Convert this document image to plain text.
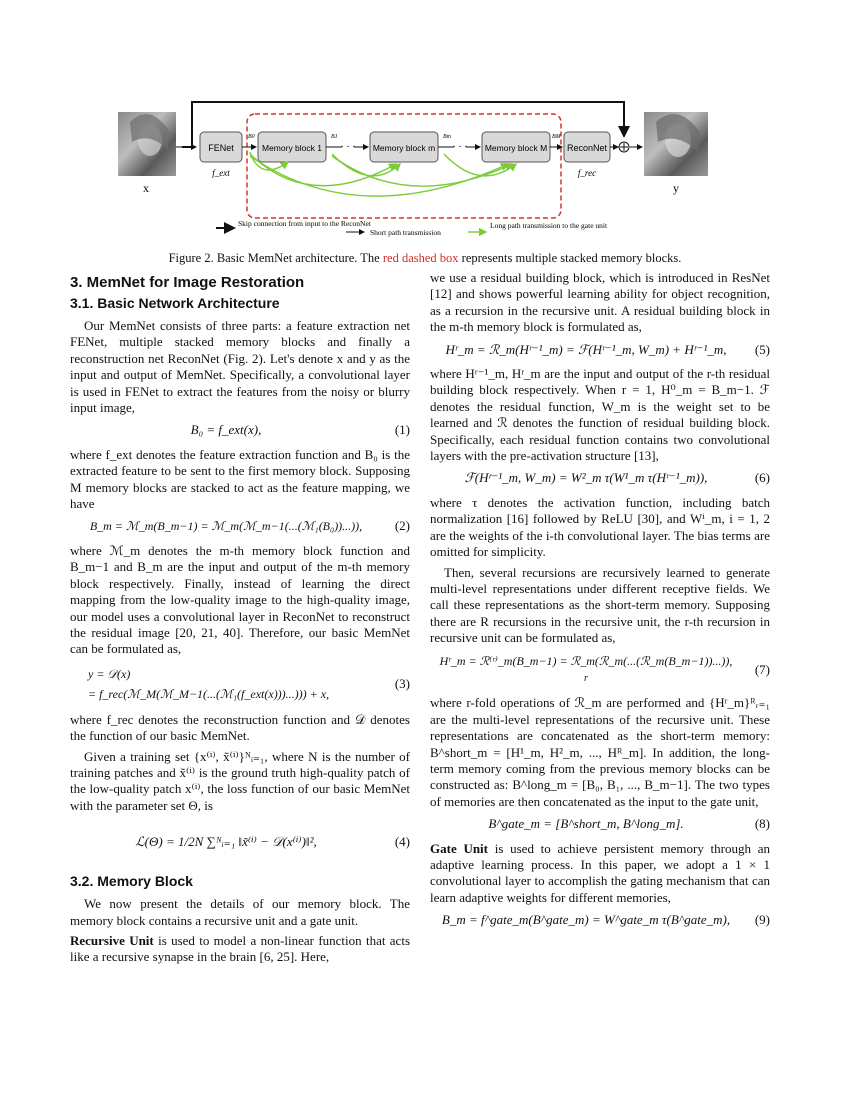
x	y
FENet
f_ext
Memory block 1	Memory block m	Memory block M ReconNet
f_rec
· · ·	· · ·
B0	B1	Bm	BM
Skip connection from input to the ReconNet
Short path transmission
Long path transmission to the gate unit
Figure 2. Basic MemNet architecture. The red dashed box represents multiple stacked memory blocks.
3. MemNet for Image Restoration
3.1. Basic Network Architecture

Our MemNet consists of three parts: a feature extraction net FENet, multiple stacked memory blocks and finally a reconstruction net ReconNet (Fig. 2). Let's denote x and y as the input and output of MemNet. Specifically, a convolutional layer is used in FENet to extract the features from the noisy or blurry input image,

B₀ = f_ext(x),	(1)

where f_ext denotes the feature extraction function and B₀ is the extracted feature to be sent to the first memory block. Supposing M memory blocks are stacked to act as the feature mapping, we have

B_m = ℳ_m(B_m−1) = ℳ_m(ℳ_m−1(...(ℳ₁(B₀))...)),	(2)

where ℳ_m denotes the m-th memory block function and B_m−1 and B_m are the input and output of the m-th memory block respectively. Finally, instead of learning the direct mapping from the low-quality image to the high-quality image, our model uses a convolutional layer in ReconNet to reconstruct the residual image [20, 21, 40]. Therefore, our basic MemNet can be formulated as,

y = 𝒟(x)
= f_rec(ℳ_M(ℳ_M−1(...(ℳ₁(f_ext(x)))...))) + x,
(3)

where f_rec denotes the reconstruction function and 𝒟 denotes the function of our basic MemNet.

Given a training set {x⁽ⁱ⁾, x̃⁽ⁱ⁾}ᴺᵢ₌₁, where N is the number of training patches and x̃⁽ⁱ⁾ is the ground truth high-quality patch of the low-quality patch x⁽ⁱ⁾, the loss function of our basic MemNet with the parameter set Θ, is

ℒ(Θ) = 1/2N ∑ᴺᵢ₌₁ ‖x̃⁽ⁱ⁾ − 𝒟(x⁽ⁱ⁾)‖²,	(4)
3.2. Memory Block

We now present the details of our memory block. The memory block contains a recursive unit and a gate unit.

Recursive Unit is used to model a non-linear function that acts like a recursive synapse in the brain [6, 25]. Here,

we use a residual building block, which is introduced in ResNet [12] and shows powerful learning ability for object recognition, as a recursion in the recursive unit. A residual building block in the m-th memory block is formulated as,

Hʳ_m = ℛ_m(Hʳ⁻¹_m) = ℱ(Hʳ⁻¹_m, W_m) + Hʳ⁻¹_m,	(5)

where Hʳ⁻¹_m, Hʳ_m are the input and output of the r-th residual building block respectively. When r = 1, H⁰_m = B_m−1. ℱ denotes the residual function, W_m is the weight set to be learned and ℛ denotes the function of residual building block. Specifically, each residual function contains two convolutional layers with the pre-activation structure [13],

ℱ(Hʳ⁻¹_m, W_m) = W²_m τ(W¹_m τ(Hʳ⁻¹_m)),	(6)

where τ denotes the activation function, including batch normalization [16] followed by ReLU [30], and Wⁱ_m, i = 1, 2 are the weights of the i-th convolutional layer. The bias terms are omitted for simplicity.

Then, several recursions are recursively learned to generate multi-level representations under different receptive fields. We call these representations as the short-term memory. Supposing there are R recursions in the recursive unit, the r-th recursion in recursive unit can be formulated as,

Hʳ_m = ℛ⁽ʳ⁾_m(B_m−1) = ℛ_m(ℛ_m(...(ℛ_m(B_m−1))...)),
r
(7)

where r-fold operations of ℛ_m are performed and {Hʳ_m}ᴿᵣ₌₁ are the multi-level representations of the recursive unit. These representations are concatenated as the short-term memory: B^short_m = [H¹_m, H²_m, ..., Hᴿ_m]. In addition, the long-term memory coming from the previous memory blocks can be constructed as: B^long_m = [B₀, B₁, ..., B_m−1]. The two types of memories are then concatenated as the input to the gate unit,

B^gate_m = [B^short_m, B^long_m].	(8)

Gate Unit is used to achieve persistent memory through an adaptive learning process. In this paper, we adopt a 1 × 1 convolutional layer to accomplish the gating mechanism that can learn adaptive weights for different memories,

B_m = f^gate_m(B^gate_m) = W^gate_m τ(B^gate_m),	(9)
